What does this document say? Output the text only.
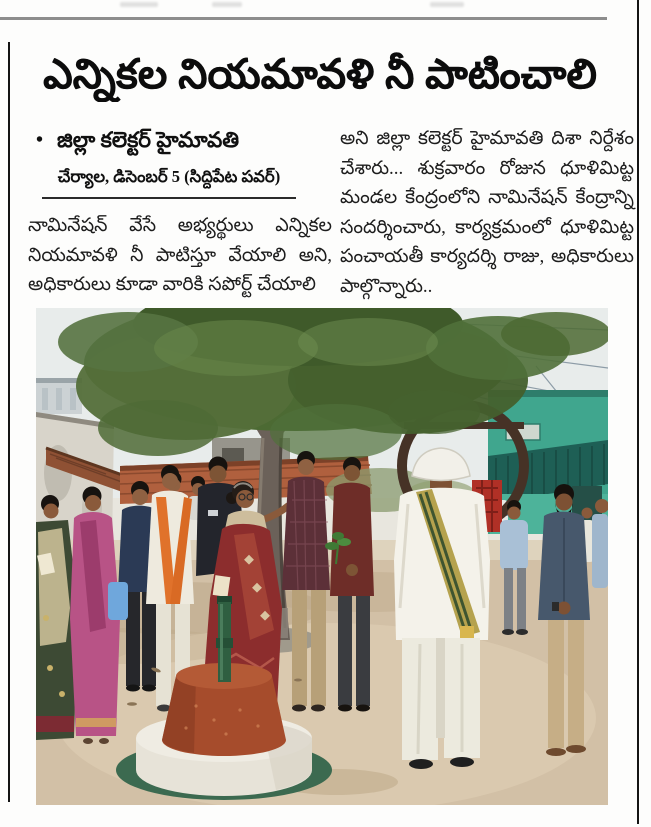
ఎన్నికల నియమావళి నీ పాటించాలి
• జిల్లా కలెక్టర్ హైమావతి
చేర్యాల, డిసెంబర్ 5 (సిద్దిపేట పవర్)

నామినేషన్ వేసే అభ్యర్థులు ఎన్నికల నియమావళి నీ పాటిస్తూ వేయాలి అని, అధికారులు కూడా వారికి సపోర్ట్ చేయాలి

అని జిల్లా కలెక్టర్ హైమావతి దిశా నిర్దేశం చేశారు... శుక్రవారం రోజున ధూళిమిట్ట మండల కేంద్రంలోని నామినేషన్ కేంద్రాన్ని సందర్శించారు, కార్యక్రమంలో ధూళిమిట్ట పంచాయతీ కార్యదర్శి రాజు, అధికారులు పాల్గొన్నారు..
